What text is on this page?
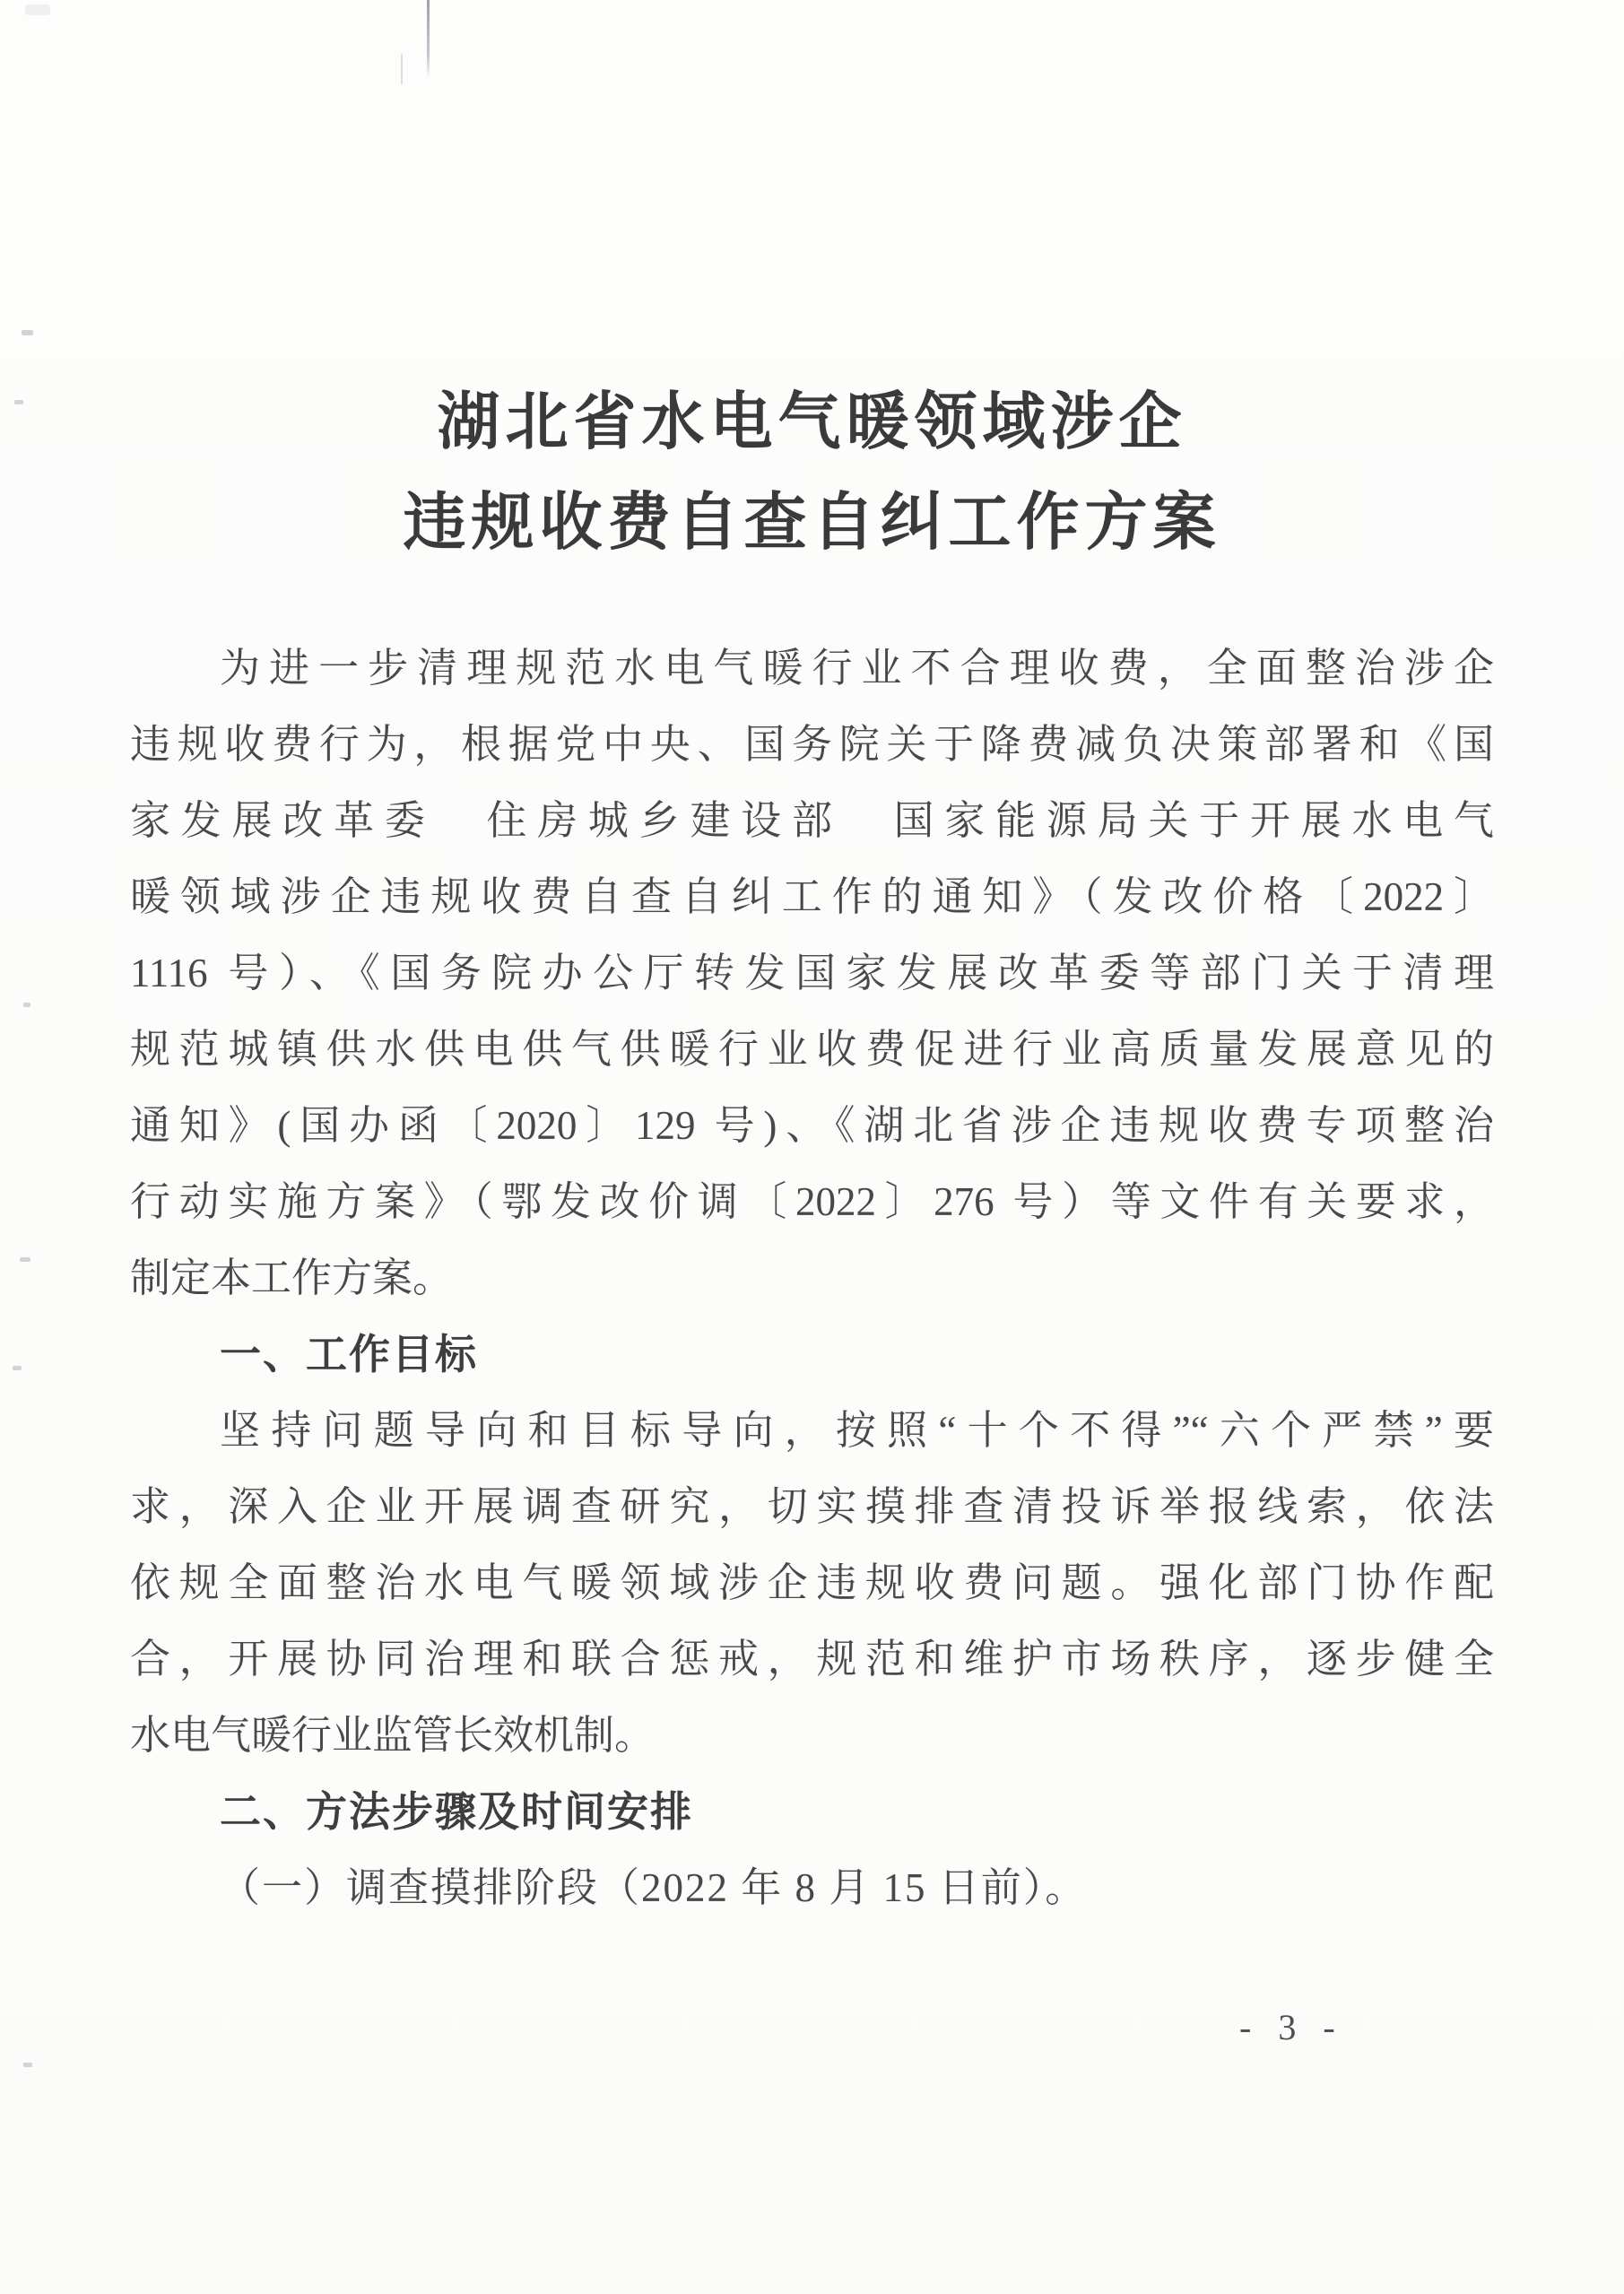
湖北省水电气暖领域涉企
违规收费自查自纠工作方案
为进一步清理规范水电气暖行业不合理收费，全面整治涉企
违规收费行为，根据党中央、国务院关于降费减负决策部署和《国
家发展改革委　住房城乡建设部　国家能源局关于开展水电气
暖领域涉企违规收费自查自纠工作的通知》（发改价格〔2022〕
1116 号）、《国务院办公厅转发国家发展改革委等部门关于清理
规范城镇供水供电供气供暖行业收费促进行业高质量发展意见的
通知》(国办函〔2020〕129 号)、《湖北省涉企违规收费专项整治
行动实施方案》（鄂发改价调〔2022〕276 号）等文件有关要求，
制定本工作方案。
一、工作目标
坚持问题导向和目标导向，按照“十个不得”“六个严禁”要
求，深入企业开展调查研究，切实摸排查清投诉举报线索，依法
依规全面整治水电气暖领域涉企违规收费问题。强化部门协作配
合，开展协同治理和联合惩戒，规范和维护市场秩序，逐步健全
水电气暖行业监管长效机制。
二、方法步骤及时间安排
（一）调查摸排阶段（2022 年 8 月 15 日前）。
- 3 -
